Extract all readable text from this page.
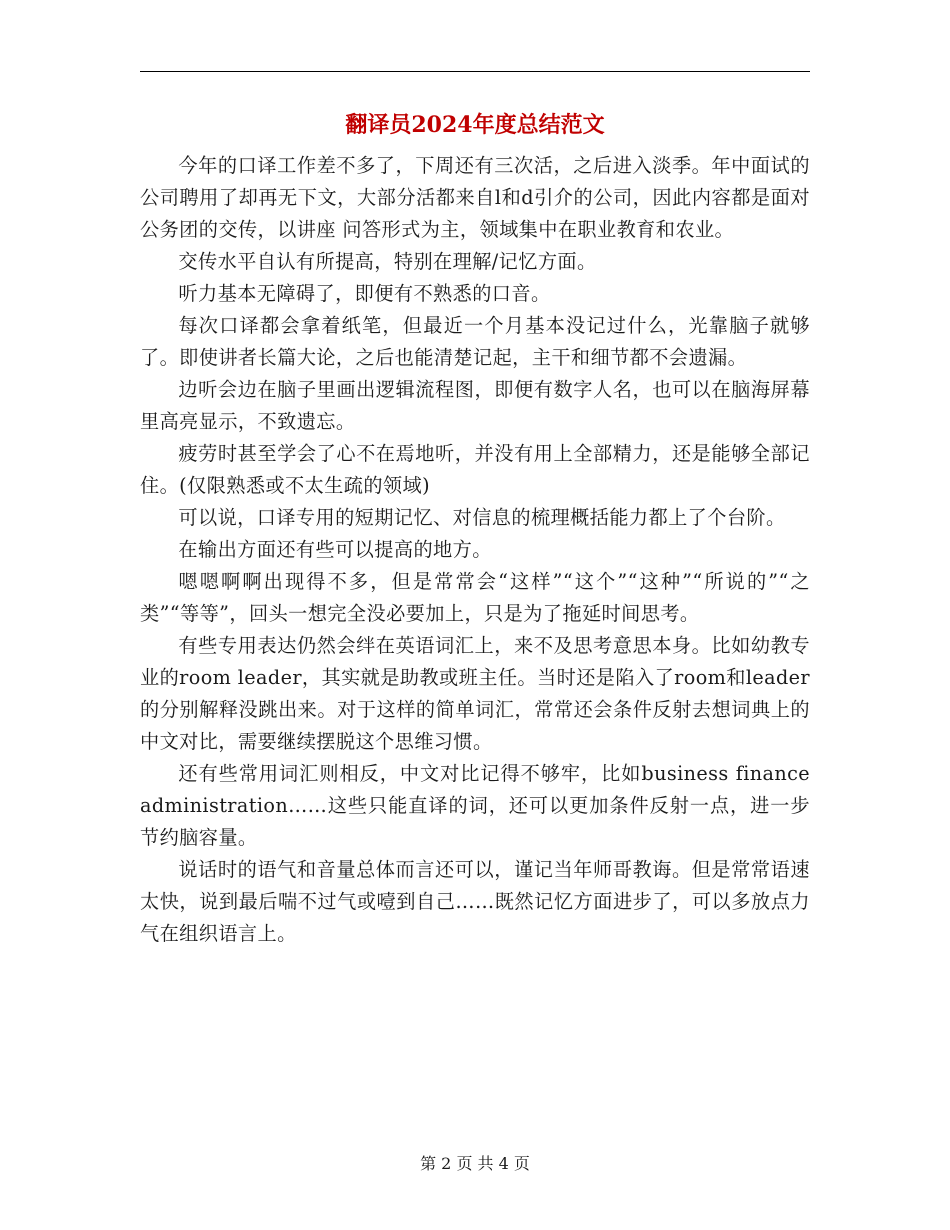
翻译员2024年度总结范文

今年的口译工作差不多了，下周还有三次活，之后进入淡季。年中面试的公司聘用了却再无下文，大部分活都来自l和d引介的公司，因此内容都是面对公务团的交传，以讲座 问答形式为主，领域集中在职业教育和农业。

交传水平自认有所提高，特别在理解/记忆方面。

听力基本无障碍了，即便有不熟悉的口音。

每次口译都会拿着纸笔，但最近一个月基本没记过什么，光靠脑子就够了。即使讲者长篇大论，之后也能清楚记起，主干和细节都不会遗漏。

边听会边在脑子里画出逻辑流程图，即便有数字人名，也可以在脑海屏幕里高亮显示，不致遗忘。

疲劳时甚至学会了心不在焉地听，并没有用上全部精力，还是能够全部记住。(仅限熟悉或不太生疏的领域)

可以说，口译专用的短期记忆、对信息的梳理概括能力都上了个台阶。

在输出方面还有些可以提高的地方。

嗯嗯啊啊出现得不多，但是常常会“这样”“这个”“这种”“所说的”“之类”“等等”，回头一想完全没必要加上，只是为了拖延时间思考。

有些专用表达仍然会绊在英语词汇上，来不及思考意思本身。比如幼教专业的room leader，其实就是助教或班主任。当时还是陷入了room和leader的分别解释没跳出来。对于这样的简单词汇，常常还会条件反射去想词典上的中文对比，需要继续摆脱这个思维习惯。

还有些常用词汇则相反，中文对比记得不够牢，比如business finance administration……这些只能直译的词，还可以更加条件反射一点，进一步节约脑容量。

说话时的语气和音量总体而言还可以，谨记当年师哥教诲。但是常常语速太快，说到最后喘不过气或噎到自己……既然记忆方面进步了，可以多放点力气在组织语言上。

第 2 页 共 4 页
